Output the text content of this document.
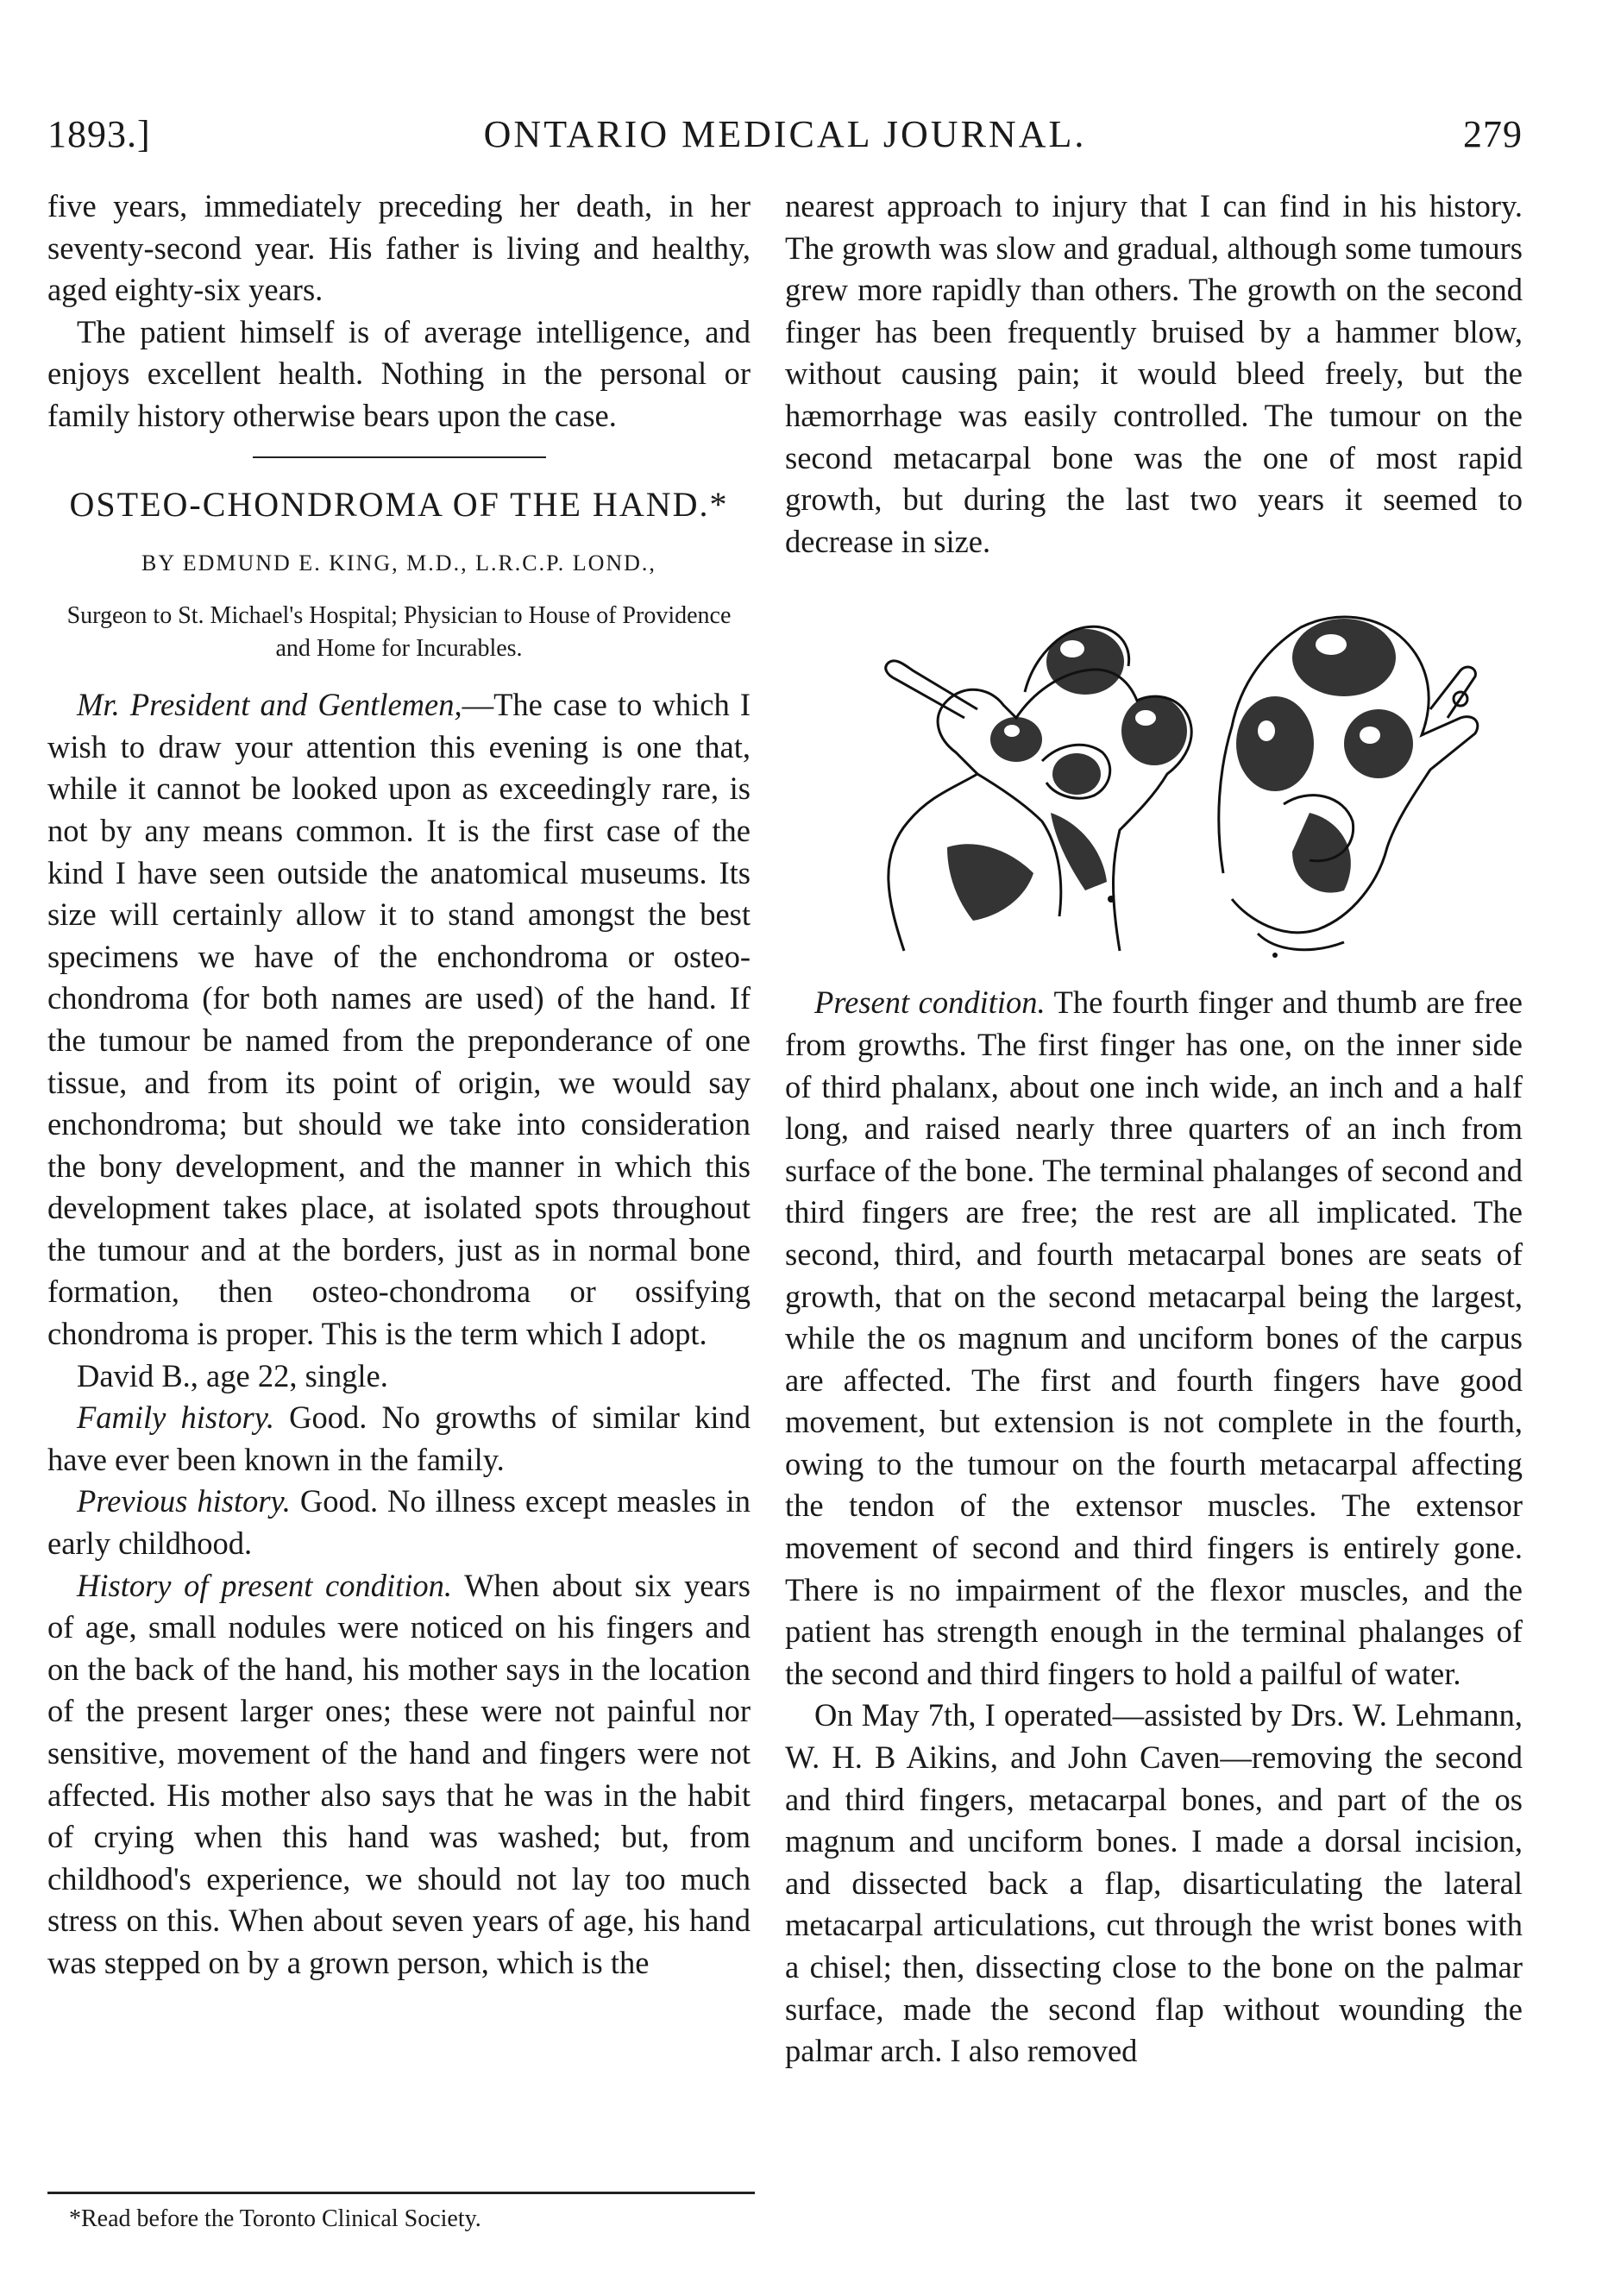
1893.]	ONTARIO MEDICAL JOURNAL.	279

five years, immediately preceding her death, in her seventy-second year. His father is living and healthy, aged eighty-six years.

The patient himself is of average intelligence, and enjoys excellent health. Nothing in the personal or family history otherwise bears upon the case.

OSTEO-CHONDROMA OF THE HAND.*
BY EDMUND E. KING, M.D., L.R.C.P. LOND.,
Surgeon to St. Michael's Hospital; Physician to House of Providence and Home for Incurables.

Mr. President and Gentlemen,—The case to which I wish to draw your attention this evening is one that, while it cannot be looked upon as exceedingly rare, is not by any means common. It is the first case of the kind I have seen outside the anatomical museums. Its size will certainly allow it to stand amongst the best specimens we have of the enchondroma or osteo-chondroma (for both names are used) of the hand. If the tumour be named from the preponderance of one tissue, and from its point of origin, we would say enchondroma; but should we take into consideration the bony development, and the manner in which this development takes place, at isolated spots throughout the tumour and at the borders, just as in normal bone formation, then osteo-chondroma or ossifying chondroma is proper. This is the term which I adopt.

David B., age 22, single.

Family history. Good. No growths of similar kind have ever been known in the family.

Previous history. Good. No illness except measles in early childhood.

History of present condition. When about six years of age, small nodules were noticed on his fingers and on the back of the hand, his mother says in the location of the present larger ones; these were not painful nor sensitive, movement of the hand and fingers were not affected. His mother also says that he was in the habit of crying when this hand was washed; but, from childhood's experience, we should not lay too much stress on this. When about seven years of age, his hand was stepped on by a grown person, which is the

nearest approach to injury that I can find in his history. The growth was slow and gradual, although some tumours grew more rapidly than others. The growth on the second finger has been frequently bruised by a hammer blow, without causing pain; it would bleed freely, but the hæmorrhage was easily controlled. The tumour on the second metacarpal bone was the one of most rapid growth, but during the last two years it seemed to decrease in size.

Present condition. The fourth finger and thumb are free from growths. The first finger has one, on the inner side of third phalanx, about one inch wide, an inch and a half long, and raised nearly three quarters of an inch from surface of the bone. The terminal phalanges of second and third fingers are free; the rest are all implicated. The second, third, and fourth metacarpal bones are seats of growth, that on the second metacarpal being the largest, while the os magnum and unciform bones of the carpus are affected. The first and fourth fingers have good movement, but extension is not complete in the fourth, owing to the tumour on the fourth metacarpal affecting the tendon of the extensor muscles. The extensor movement of second and third fingers is entirely gone. There is no impairment of the flexor muscles, and the patient has strength enough in the terminal phalanges of the second and third fingers to hold a pailful of water.

On May 7th, I operated—assisted by Drs. W. Lehmann, W. H. B Aikins, and John Caven—removing the second and third fingers, metacarpal bones, and part of the os magnum and unciform bones. I made a dorsal incision, and dissected back a flap, disarticulating the lateral metacarpal articulations, cut through the wrist bones with a chisel; then, dissecting close to the bone on the palmar surface, made the second flap without wounding the palmar arch. I also removed

*Read before the Toronto Clinical Society.
